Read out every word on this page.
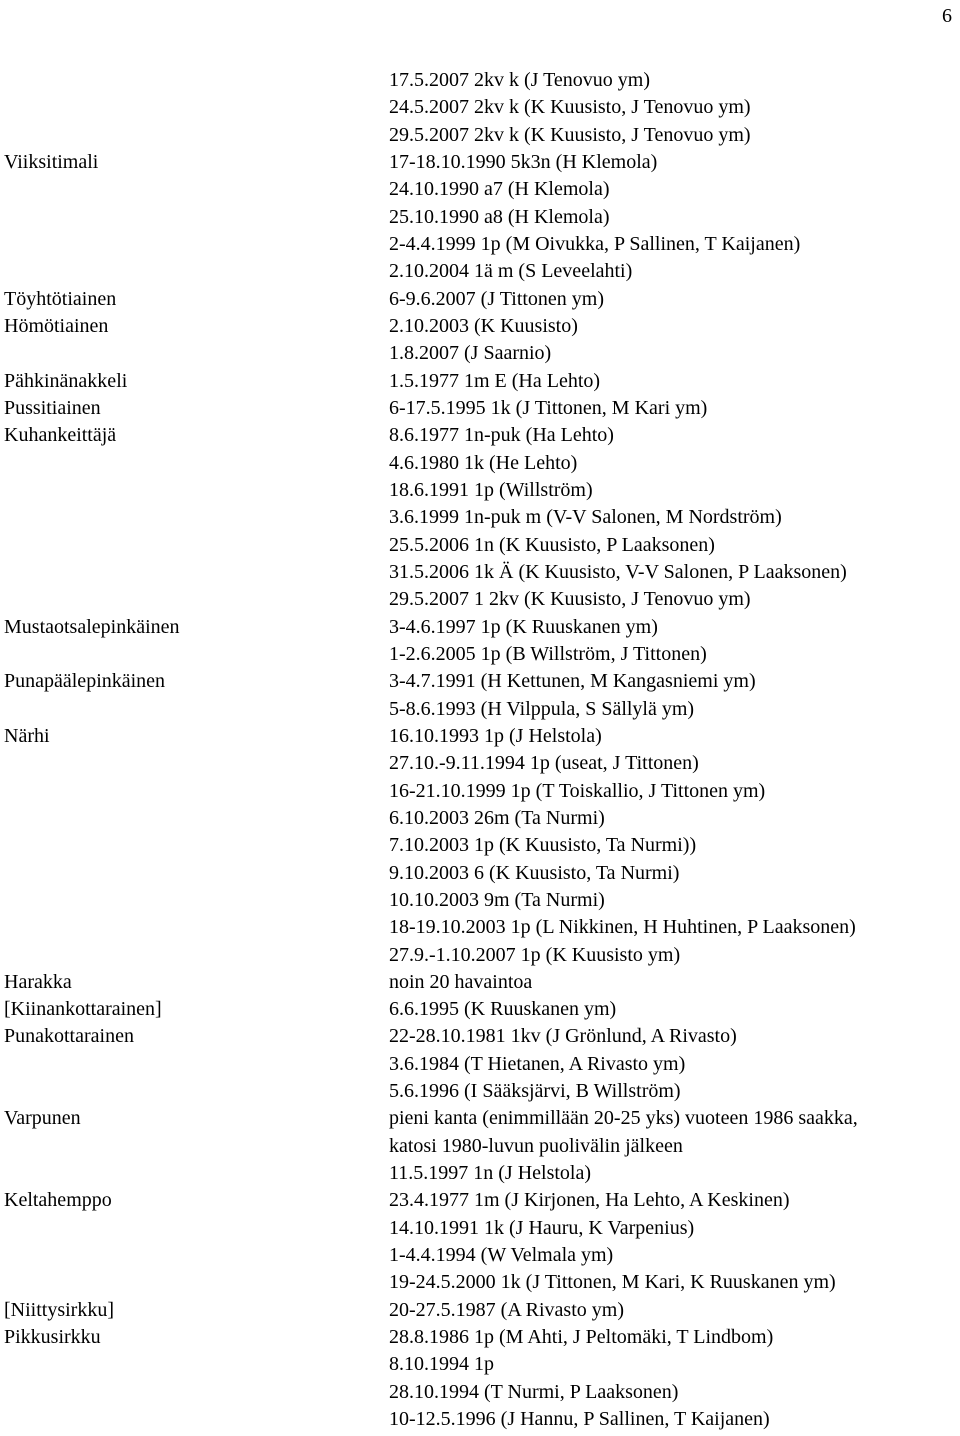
6
17.5.2007 2kv k (J Tenovuo ym)
24.5.2007 2kv k (K Kuusisto, J Tenovuo ym)
29.5.2007 2kv k (K Kuusisto, J Tenovuo ym)
Viiksitimali	17-18.10.1990 5k3n (H Klemola)
24.10.1990 a7 (H Klemola)
25.10.1990 a8 (H Klemola)
2-4.4.1999 1p (M Oivukka, P Sallinen, T Kaijanen)
2.10.2004 1ä m (S Leveelahti)
Töyhtötiainen	6-9.6.2007 (J Tittonen ym)
Hömötiainen	2.10.2003 (K Kuusisto)
1.8.2007 (J Saarnio)
Pähkinänakkeli	1.5.1977 1m E (Ha Lehto)
Pussitiainen	6-17.5.1995 1k (J Tittonen, M Kari ym)
Kuhankeittäjä	8.6.1977 1n-puk (Ha Lehto)
4.6.1980 1k (He Lehto)
18.6.1991 1p (Willström)
3.6.1999 1n-puk m (V-V Salonen, M Nordström)
25.5.2006 1n (K Kuusisto, P Laaksonen)
31.5.2006 1k Ä (K Kuusisto, V-V Salonen, P Laaksonen)
29.5.2007 1 2kv (K Kuusisto, J Tenovuo ym)
Mustaotsalepinkäinen	3-4.6.1997 1p (K Ruuskanen ym)
1-2.6.2005 1p (B Willström, J Tittonen)
Punapäälepinkäinen	3-4.7.1991 (H Kettunen, M Kangasniemi ym)
5-8.6.1993 (H Vilppula, S Sällylä ym)
Närhi	16.10.1993 1p (J Helstola)
27.10.-9.11.1994 1p (useat, J Tittonen)
16-21.10.1999 1p (T Toiskallio, J Tittonen ym)
6.10.2003 26m (Ta Nurmi)
7.10.2003 1p (K Kuusisto, Ta Nurmi))
9.10.2003 6 (K Kuusisto, Ta Nurmi)
10.10.2003 9m (Ta Nurmi)
18-19.10.2003 1p (L Nikkinen, H Huhtinen, P Laaksonen)
27.9.-1.10.2007 1p (K Kuusisto ym)
Harakka	noin 20 havaintoa
[Kiinankottarainen]	6.6.1995 (K Ruuskanen ym)
Punakottarainen	22-28.10.1981 1kv (J Grönlund, A Rivasto)
3.6.1984 (T Hietanen, A Rivasto ym)
5.6.1996 (I Sääksjärvi, B Willström)
Varpunen	pieni kanta (enimmillään 20-25 yks) vuoteen 1986 saakka,
katosi 1980-luvun puolivälin jälkeen
11.5.1997 1n (J Helstola)
Keltahemppo	23.4.1977 1m (J Kirjonen, Ha Lehto, A Keskinen)
14.10.1991 1k (J Hauru, K Varpenius)
1-4.4.1994 (W Velmala ym)
19-24.5.2000 1k (J Tittonen, M Kari, K Ruuskanen ym)
[Niittysirkku]	20-27.5.1987 (A Rivasto ym)
Pikkusirkku	28.8.1986 1p (M Ahti, J Peltomäki, T Lindbom)
8.10.1994 1p
28.10.1994 (T Nurmi, P Laaksonen)
10-12.5.1996 (J Hannu, P Sallinen, T Kaijanen)
